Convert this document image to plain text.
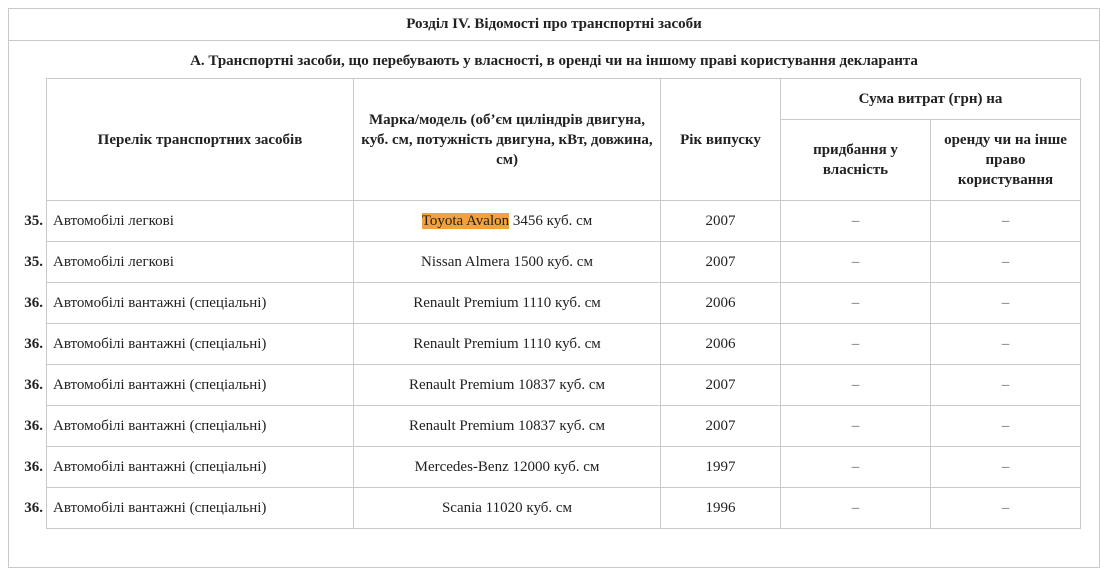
Розділ IV. Відомості про транспортні засоби
А. Транспортні засоби, що перебувають у власності, в оренді чи на іншому праві користування декларанта
Перелік транспортних засобів	Марка/модель (об’єм циліндрів двигуна, куб. см, потужність двигуна, кВт, довжина, см)	Рік випуску	Сума витрат (грн) на	
			придбання у власність	оренду чи на інше право користування

35. Автомобілі легкові	Toyota Avalon 3456 куб. см	2007	–	–

35. Автомобілі легкові	Nissan Almera 1500 куб. см	2007	–	–

36. Автомобілі вантажні (спеціальні)	Renault Premium 1110 куб. см	2006	–	–

36. Автомобілі вантажні (спеціальні)	Renault Premium 1110 куб. см	2006	–	–

36. Автомобілі вантажні (спеціальні)	Renault Premium 10837 куб. см	2007	–	–

36. Автомобілі вантажні (спеціальні)	Renault Premium 10837 куб. см	2007	–	–

36. Автомобілі вантажні (спеціальні)	Mercedes-Benz 12000 куб. см	1997	–	–

36. Автомобілі вантажні (спеціальні)	Scania 11020 куб. см	1996	–	–
